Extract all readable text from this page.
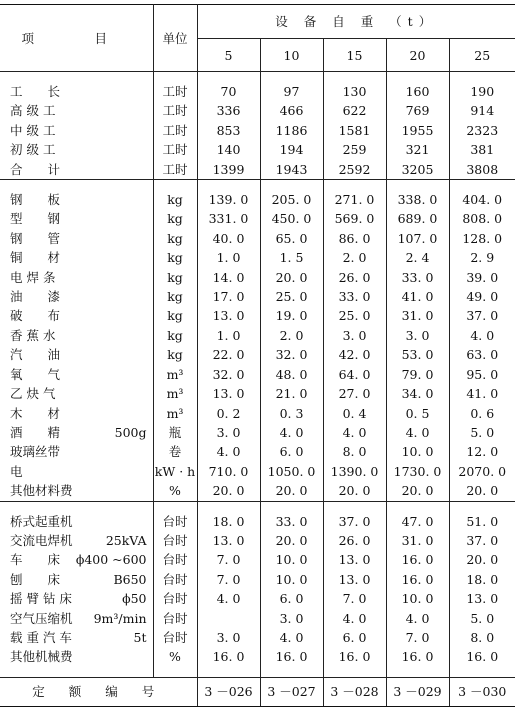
项　目	单位	设 备 自 重 （t）				
		5	10	15	20	25

工　　长	工时	70	97	130	160	190
高 级 工	工时	336	466	622	769	914
中 级 工	工时	853	1186	1581	1955	2323
初 级 工	工时	140	194	259	321	381
合　　计	工时	1399	1943	2592	3205	3808

钢　　板	kg	139. 0	205. 0	271. 0	338. 0	404. 0
型　　钢	kg	331. 0	450. 0	569. 0	689. 0	808. 0
钢　　管	kg	40. 0	65. 0	86. 0	107. 0	128. 0
铜　　材	kg	1. 0	1. 5	2. 0	2. 4	2. 9
电 焊 条	kg	14. 0	20. 0	26. 0	33. 0	39. 0
油　　漆	kg	17. 0	25. 0	33. 0	41. 0	49. 0
破　　布	kg	13. 0	19. 0	25. 0	31. 0	37. 0
香 蕉 水	kg	1. 0	2. 0	3. 0	3. 0	4. 0
汽　　油	kg	22. 0	32. 0	42. 0	53. 0	63. 0
氧　　气	m³	32. 0	48. 0	64. 0	79. 0	95. 0
乙 炔 气	m³	13. 0	21. 0	27. 0	34. 0	41. 0
木　　材	m³	0. 2	0. 3	0. 4	0. 5	0. 6

酒　　精 500g	瓶	3. 0	4. 0	4. 0	4. 0	5. 0
玻璃丝带	卷	4. 0	6. 0	8. 0	10. 0	12. 0
电	kW · h	710. 0	1050. 0	1390. 0	1730. 0	2070. 0
其他材料费	%	20. 0	20. 0	20. 0	20. 0	20. 0

桥式起重机	台时	18. 0	33. 0	37. 0	47. 0	51. 0

交流电焊机 25kVA	台时	13. 0	20. 0	26. 0	31. 0	37. 0

车　　床 ϕ400 ~600	台时	7. 0	10. 0	13. 0	16. 0	20. 0

刨　　床 B650	台时	7. 0	10. 0	13. 0	16. 0	18. 0

摇 臂 钻 床 ϕ50	台时	4. 0	6. 0	7. 0	10. 0	13. 0

空气压缩机 9m³/min	台时		3. 0	4. 0	4. 0	5. 0

载 重 汽 车 5t	台时	3. 0	4. 0	6. 0	7. 0	8. 0
其他机械费	%	16. 0	16. 0	16. 0	16. 0	16. 0

定 额 编 号		3 －026	3 －027	3 －028	3 －029	3 －030
